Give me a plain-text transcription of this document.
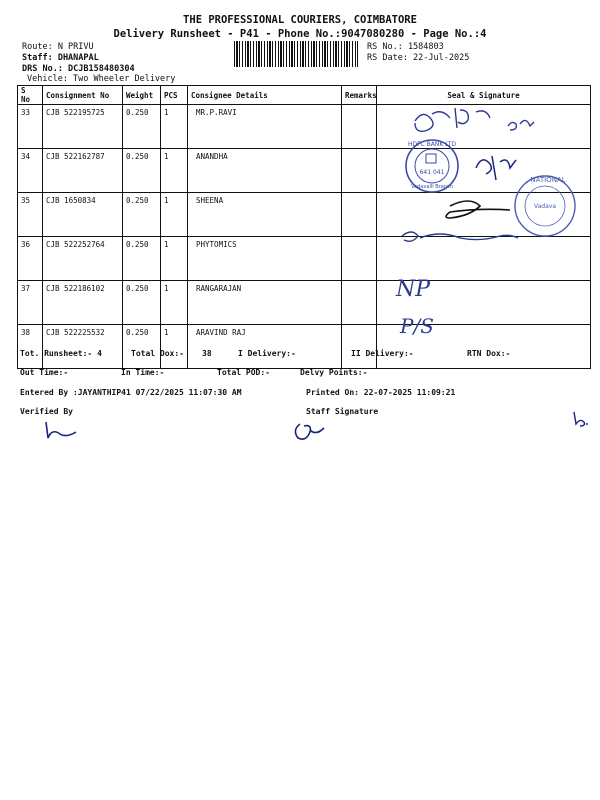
THE PROFESSIONAL COURIERS, COIMBATORE
Delivery Runsheet - P41 - Phone No.:9047080280 - Page No.:4
Route: N PRIVU
Staff: DHANAPAL
DRS No.: DCJB158480304
Vehicle: Two Wheeler Delivery
RS No.: 1584803
RS Date: 22-Jul-2025
S No	Consignment No	Weight	PCS	Consignee Details	Remarks	Seal & Signature
33	CJB 522195725	0.250	1	MR.P.RAVI		
34	CJB 522162787	0.250	1	ANANDHA		
35	CJB 1650834	0.250	1	SHEENA		
36	CJB 522252764	0.250	1	PHYTOMICS		
37	CJB 522186102	0.250	1	RANGARAJAN		
38	CJB 522225532	0.250	1	ARAVIND RAJ		
HDFC BANK LTD
641 041
Vadavalli Branch
NATIONAL
Vadava
NP
P/S
Tot. Runsheet:- 4	Total Dox:- 38	I Delivery:-	II Delivery:-	RTN Dox:-
Out Time:-	In Time:-	Total POD:-	Delvy Points:-
Entered By :JAYANTHIP41 07/22/2025 11:07:30 AM	Printed On: 22-07-2025 11:09:21
Verified By	Staff Signature
